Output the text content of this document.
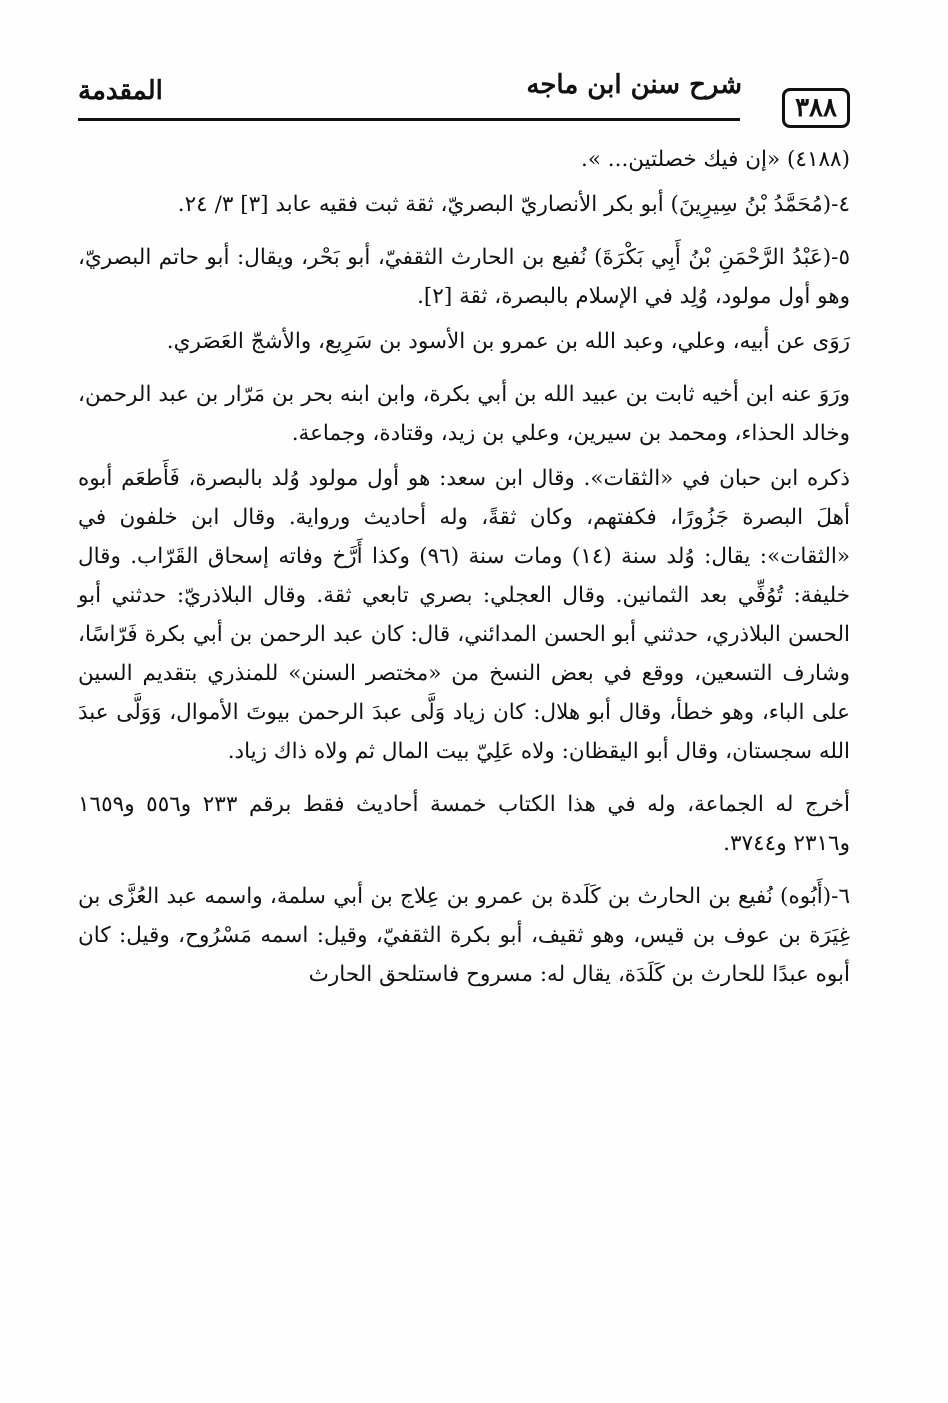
٣٨٨
شرح سنن ابن ماجه
المقدمة

(٤١٨٨) «إن فيك خصلتين... ».

٤-(مُحَمَّدُ بْنُ سِيرِينَ) أبو بكر الأنصاريّ البصريّ، ثقة ثبت فقيه عابد [٣] ٣/ ٢٤.

٥-(عَبْدُ الرَّحْمَنِ بْنُ أَبِي بَكْرَةَ) نُفيع بن الحارث الثقفيّ، أبو بَحْر، ويقال: أبو حاتم البصريّ، وهو أول مولود، وُلِد في الإسلام بالبصرة، ثقة [٢].

رَوَى عن أبيه، وعلي، وعبد الله بن عمرو بن الأسود بن سَرِيع، والأشجّ العَصَري.

ورَوَ عنه ابن أخيه ثابت بن عبيد الله بن أبي بكرة، وابن ابنه بحر بن مَرّار بن عبد الرحمن، وخالد الحذاء، ومحمد بن سيرين، وعلي بن زيد، وقتادة، وجماعة.

ذكره ابن حبان في «الثقات». وقال ابن سعد: هو أول مولود وُلد بالبصرة، فَأَطعَم أبوه أهلَ البصرة جَزُورًا، فكفتهم، وكان ثقةً، وله أحاديث ورواية. وقال ابن خلفون في «الثقات»: يقال: وُلد سنة (١٤) ومات سنة (٩٦) وكذا أَرَّخ وفاته إسحاق القَرّاب. وقال خليفة: تُوُفِّي بعد الثمانين. وقال العجلي: بصري تابعي ثقة. وقال البلاذريّ: حدثني أبو الحسن البلاذري، حدثني أبو الحسن المدائني، قال: كان عبد الرحمن بن أبي بكرة فَرّاسًا، وشارف التسعين، ووقع في بعض النسخ من «مختصر السنن» للمنذري بتقديم السين على الباء، وهو خطأ، وقال أبو هلال: كان زياد وَلَّى عبدَ الرحمن بيوتَ الأموال، وَوَلَّى عبدَ الله سجستان، وقال أبو اليقظان: ولاه عَلِيّ بيت المال ثم ولاه ذاك زياد.

أخرج له الجماعة، وله في هذا الكتاب خمسة أحاديث فقط برقم ٢٣٣ و٥٥٦ و١٦٥٩ و٢٣١٦ و٣٧٤٤.

٦-(أَبُوه) نُفيع بن الحارث بن كَلَدة بن عمرو بن عِلاج بن أبي سلمة، واسمه عبد العُزَّى بن غِيَرَة بن عوف بن قيس، وهو ثقيف، أبو بكرة الثقفيّ، وقيل: اسمه مَسْرُوح، وقيل: كان أبوه عبدًا للحارث بن كَلَدَة، يقال له: مسروح فاستلحق الحارث
